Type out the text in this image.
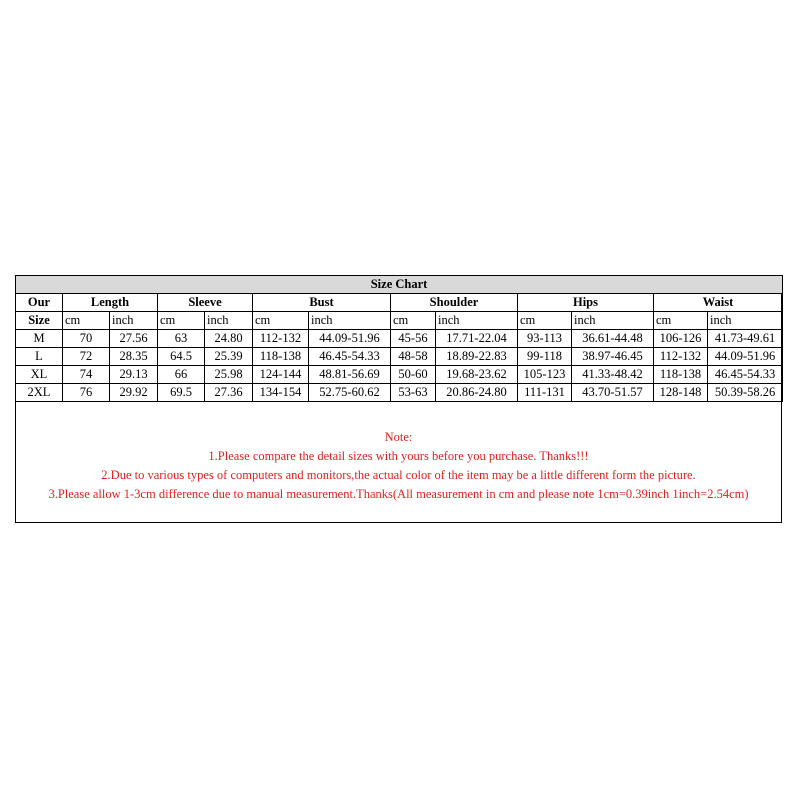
Size Chart												
Our	Length		Sleeve		Bust		Shoulder		Hips		Waist	
Size	cm	inch	cm	inch	cm	inch	cm	inch	cm	inch	cm	inch
M	70	27.56	63	24.80	112-132	44.09-51.96	45-56	17.71-22.04	93-113	36.61-44.48	106-126	41.73-49.61
L	72	28.35	64.5	25.39	118-138	46.45-54.33	48-58	18.89-22.83	99-118	38.97-46.45	112-132	44.09-51.96
XL	74	29.13	66	25.98	124-144	48.81-56.69	50-60	19.68-23.62	105-123	41.33-48.42	118-138	46.45-54.33
2XL	76	29.92	69.5	27.36	134-154	52.75-60.62	53-63	20.86-24.80	111-131	43.70-51.57	128-148	50.39-58.26
Note:
1.Please compare the detail sizes with yours before you purchase. Thanks!!!
2.Due to various types of computers and monitors,the actual color of the item may be a little different form the picture.
3.Please allow 1-3cm difference due to manual measurement.Thanks(All measurement in cm and please note 1cm=0.39inch 1inch=2.54cm)
